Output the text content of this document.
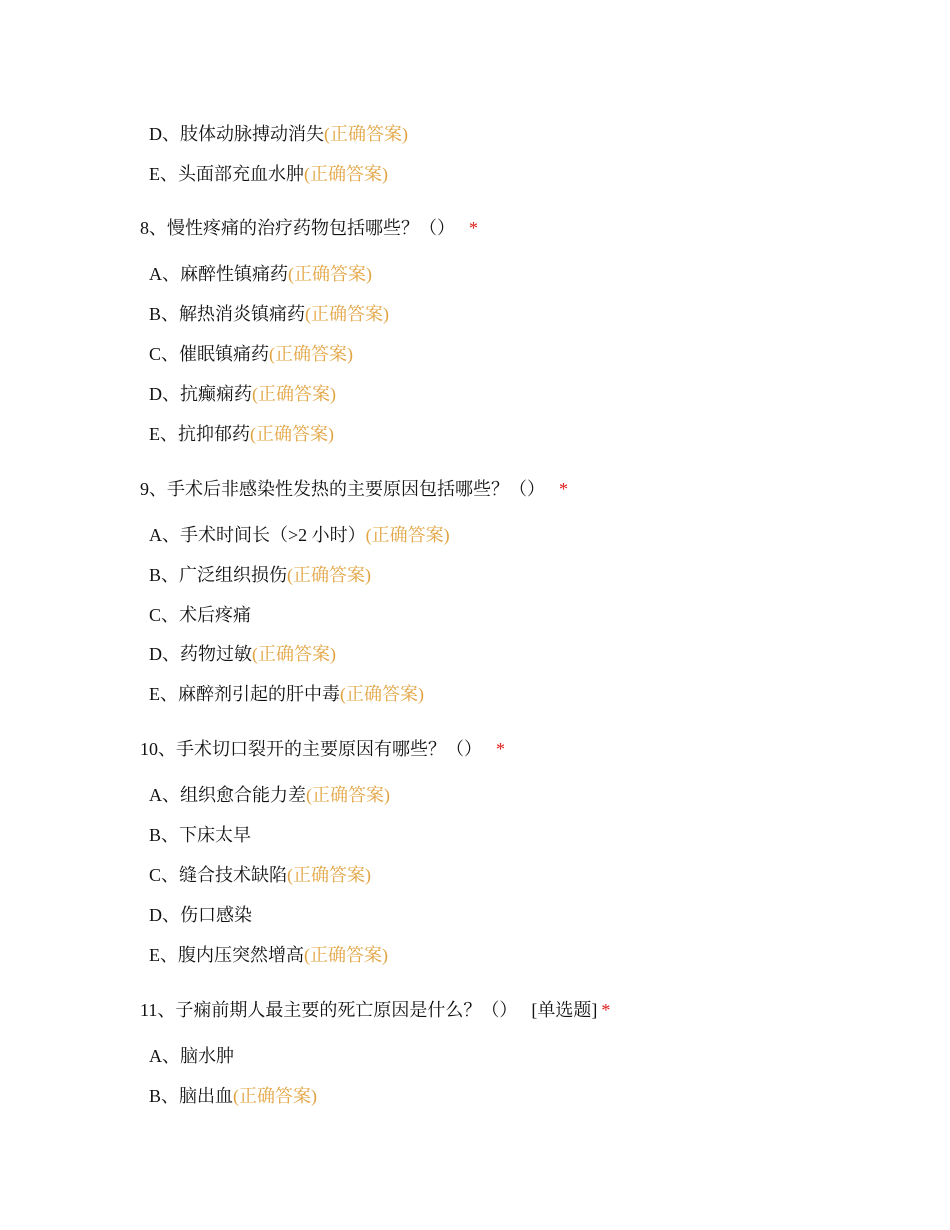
D、肢体动脉搏动消失(正确答案)
E、头面部充血水肿(正确答案)
8、慢性疼痛的治疗药物包括哪些？（） *
A、麻醉性镇痛药(正确答案)
B、解热消炎镇痛药(正确答案)
C、催眠镇痛药(正确答案)
D、抗癫痫药(正确答案)
E、抗抑郁药(正确答案)
9、手术后非感染性发热的主要原因包括哪些？（） *
A、手术时间长（>2 小时）(正确答案)
B、广泛组织损伤(正确答案)
C、术后疼痛
D、药物过敏(正确答案)
E、麻醉剂引起的肝中毒(正确答案)
10、手术切口裂开的主要原因有哪些？（） *
A、组织愈合能力差(正确答案)
B、下床太早
C、缝合技术缺陷(正确答案)
D、伤口感染
E、腹内压突然增高(正确答案)
11、子痫前期人最主要的死亡原因是什么？（） [单选题] *
A、脑水肿
B、脑出血(正确答案)
